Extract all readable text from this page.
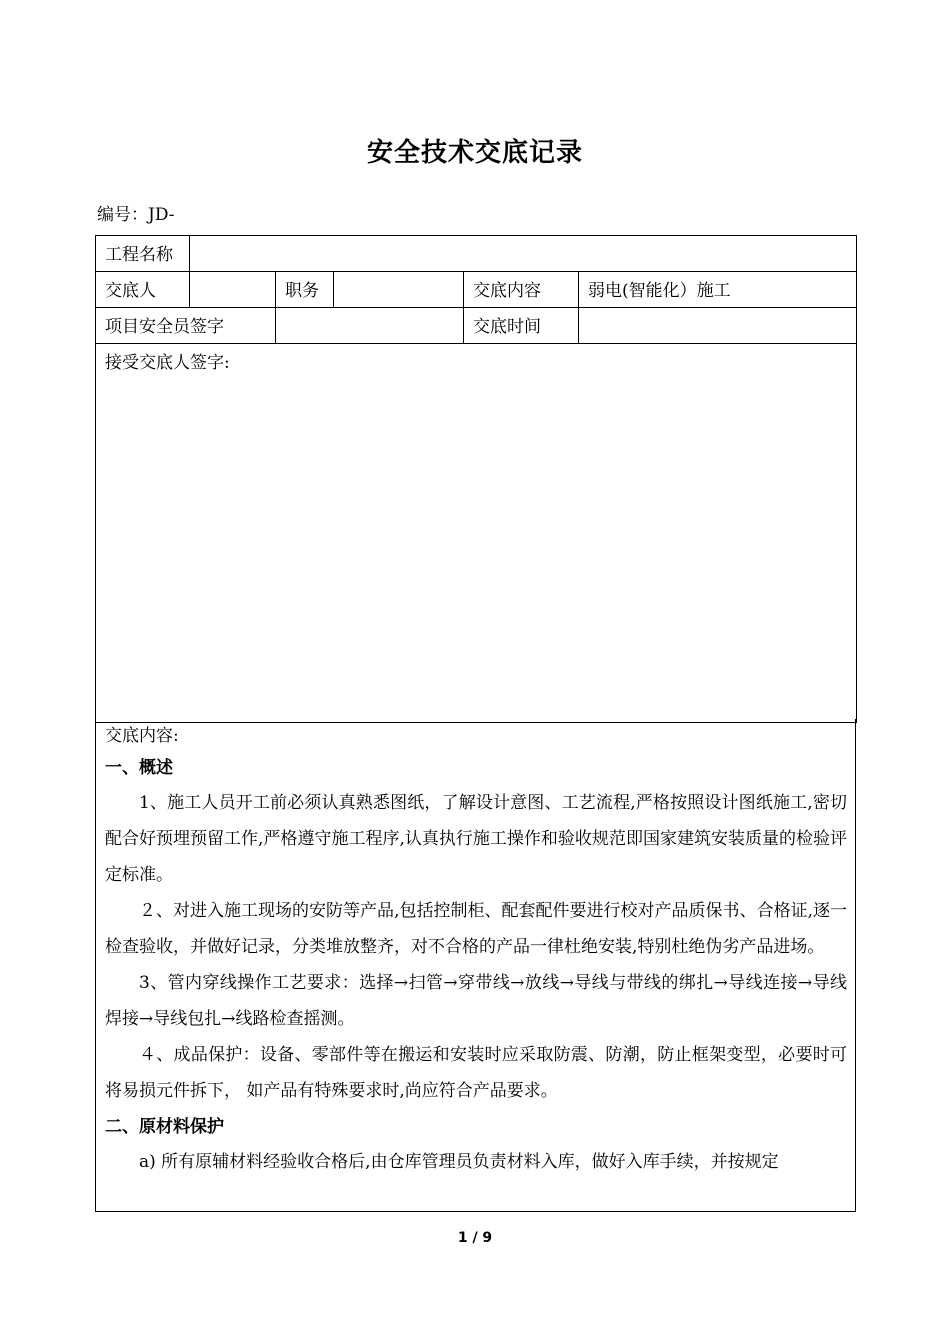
安全技术交底记录
编号：JD-
工程名称					
交底人		职务		交底内容	弱电(智能化）施工
项目安全员签字				交底时间	
接受交底人签字:					
交底内容:
一、概述

1、施工人员开工前必须认真熟悉图纸，了解设计意图、工艺流程,严格按照设计图纸施工,密切配合好预埋预留工作,严格遵守施工程序,认真执行施工操作和验收规范即国家建筑安装质量的检验评定标准。

２、对进入施工现场的安防等产品,包括控制柜、配套配件要进行校对产品质保书、合格证,逐一检查验收，并做好记录，分类堆放整齐，对不合格的产品一律杜绝安装,特别杜绝伪劣产品进场。

3、管内穿线操作工艺要求：选择→扫管→穿带线→放线→导线与带线的绑扎→导线连接→导线焊接→导线包扎→线路检查摇测。

４、成品保护：设备、零部件等在搬运和安装时应采取防震、防潮，防止框架变型，必要时可将易损元件拆下， 如产品有特殊要求时,尚应符合产品要求。

二、原材料保护

a) 所有原辅材料经验收合格后,由仓库管理员负责材料入库，做好入库手续，并按规定

1 / 9
